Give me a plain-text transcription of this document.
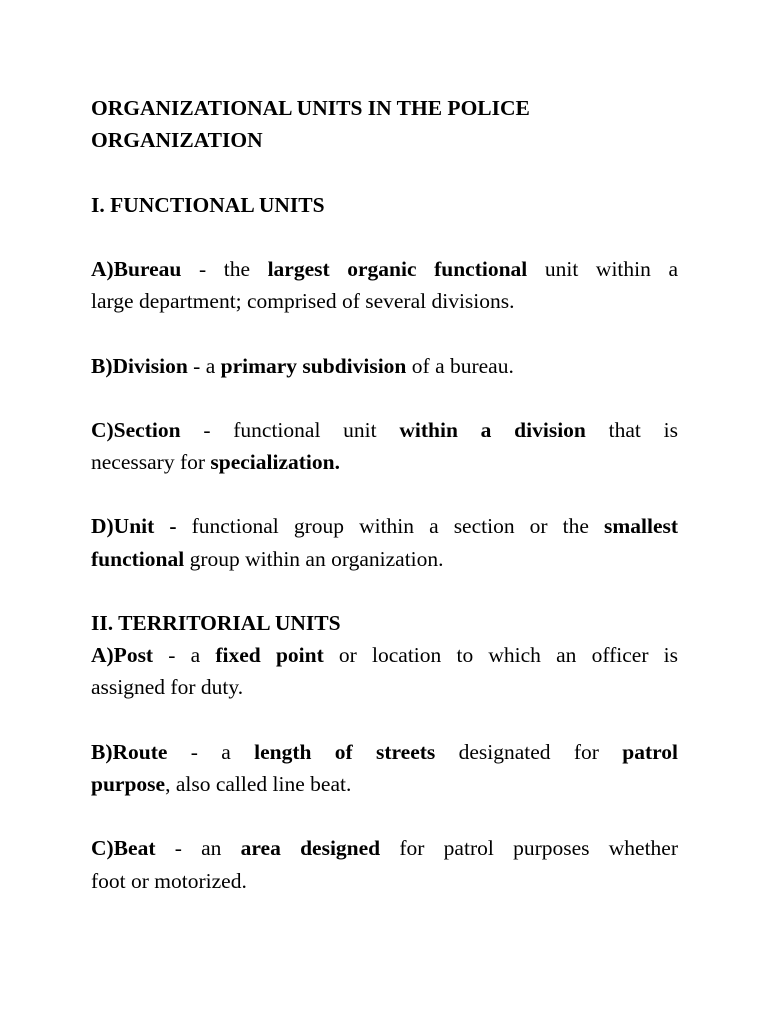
ORGANIZATIONAL UNITS IN THE POLICE
ORGANIZATION
I. FUNCTIONAL UNITS
A)Bureau - the largest organic functional unit within a
large department; comprised of several divisions.
B)Division - a primary subdivision of a bureau.
C)Section - functional unit within a division that is
necessary for specialization.
D)Unit - functional group within a section or the smallest
functional group within an organization.
II. TERRITORIAL UNITS
A)Post - a fixed point or location to which an officer is
assigned for duty.
B)Route - a length of streets designated for patrol
purpose, also called line beat.
C)Beat - an area designed for patrol purposes whether
foot or motorized.
